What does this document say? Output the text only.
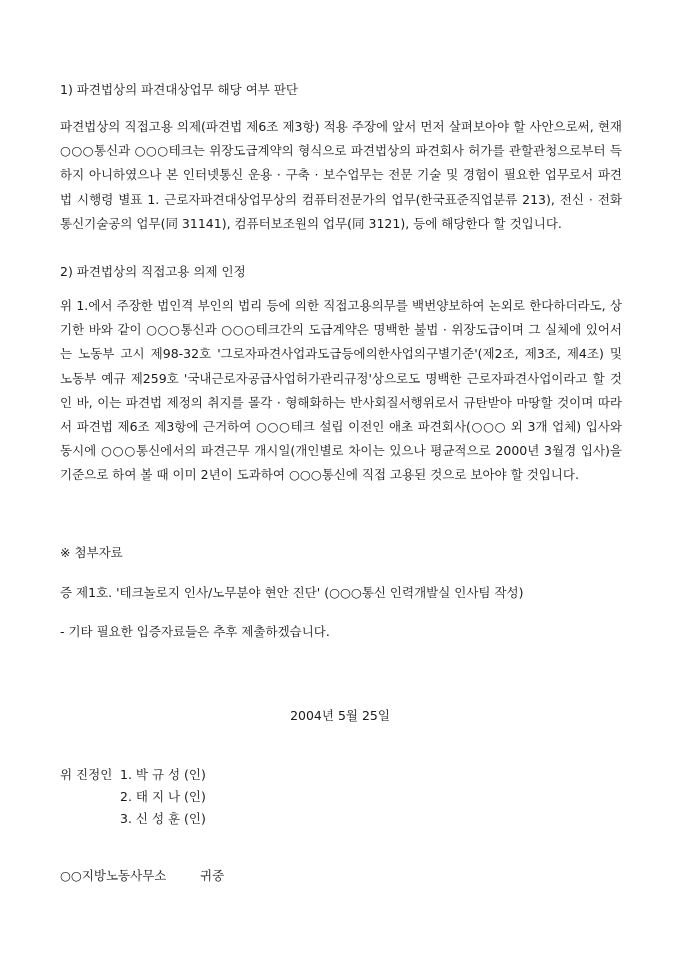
1) 파견법상의 파견대상업무 해당 여부 판단

파견법상의 직접고용 의제(파견법 제6조 제3항) 적용 주장에 앞서 먼저 살펴보아야 할 사안으로써, 현재 ○○○통신과 ○○○테크는 위장도급계약의 형식으로 파견법상의 파견회사 허가를 관할관청으로부터 득하지 아니하였으나 본 인터넷통신 운용 · 구축 · 보수업무는 전문 기술 및 경험이 필요한 업무로서 파견법 시행령 별표 1. 근로자파견대상업무상의 컴퓨터전문가의 업무(한국표준직업분류 213), 전신 · 전화통신기술공의 업무(同 31141), 컴퓨터보조원의 업무(同 3121), 등에 해당한다 할 것입니다.

2) 파견법상의 직접고용 의제 인정

위 1.에서 주장한 법인격 부인의 법리 등에 의한 직접고용의무를 백번양보하여 논외로 한다하더라도, 상기한 바와 같이 ○○○통신과 ○○○테크간의 도급계약은 명백한 불법 · 위장도급이며 그 실체에 있어서는 노동부 고시 제98-32호 '그로자파견사업과도급등에의한사업의구별기준'(제2조, 제3조, 제4조) 및 노동부 예규 제259호 '국내근로자공급사업허가관리규정'상으로도 명백한 근로자파견사업이라고 할 것인 바, 이는 파견법 제정의 취지를 몰각 · 형해화하는 반사회질서행위로서 규탄받아 마땅할 것이며 따라서 파견법 제6조 제3항에 근거하여 ○○○테크 설립 이전인 애초 파견회사(○○○ 외 3개 업체) 입사와 동시에 ○○○통신에서의 파견근무 개시일(개인별로 차이는 있으나 평균적으로 2000년 3월경 입사)을 기준으로 하여 볼 때 이미 2년이 도과하여 ○○○통신에 직접 고용된 것으로 보아야 할 것입니다.

※ 첨부자료
증 제1호. '테크놀로지 인사/노무분야 현안 진단' (○○○통신 인력개발실 인사팀 작성)
- 기타 필요한 입증자료들은 추후 제출하겠습니다.
2004년 5월 25일
위 진정인 1. 박 규 성 (인)
2. 태 지 나 (인)
3. 신 성 훈 (인)
○○지방노동사무소	귀중
